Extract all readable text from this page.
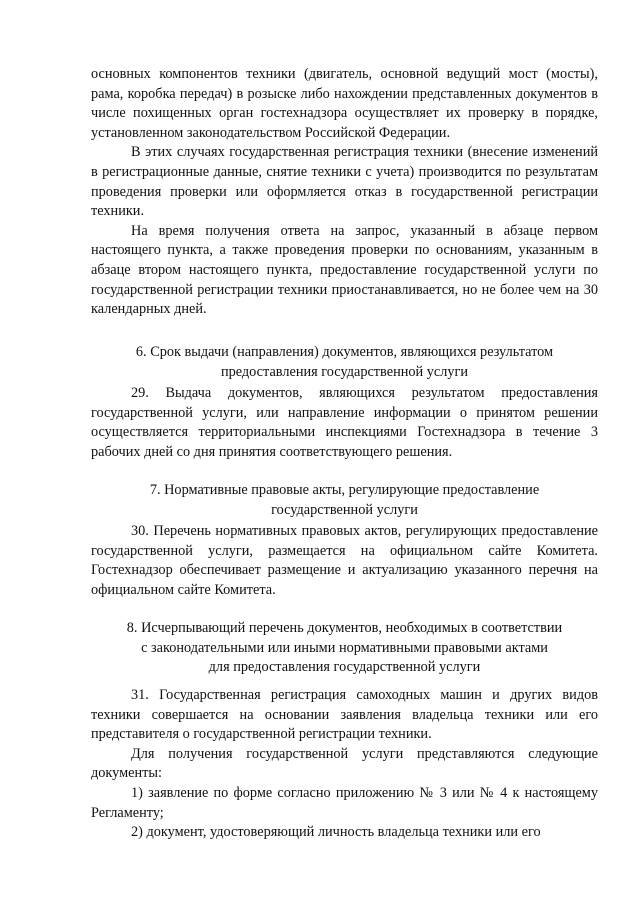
основных компонентов техники (двигатель, основной ведущий мост (мосты), рама, коробка передач) в розыске либо нахождении представленных документов в числе похищенных орган гостехнадзора осуществляет их проверку в порядке, установленном законодательством Российской Федерации.

В этих случаях государственная регистрация техники (внесение изменений в регистрационные данные, снятие техники с учета) производится по результатам проведения проверки или оформляется отказ в государственной регистрации техники.

На время получения ответа на запрос, указанный в абзаце первом настоящего пункта, а также проведения проверки по основаниям, указанным в абзаце втором настоящего пункта, предоставление государственной услуги по государственной регистрации техники приостанавливается, но не более чем на 30 календарных дней.

6. Срок выдачи (направления) документов, являющихся результатом

предоставления государственной услуги

29. Выдача документов, являющихся результатом предоставления государственной услуги, или направление информации о принятом решении осуществляется территориальными инспекциями Гостехнадзора в течение 3 рабочих дней со дня принятия соответствующего решения.

7. Нормативные правовые акты, регулирующие предоставление

государственной услуги

30. Перечень нормативных правовых актов, регулирующих предоставление государственной услуги, размещается на официальном сайте Комитета. Гостехнадзор обеспечивает размещение и актуализацию указанного перечня на официальном сайте Комитета.

8. Исчерпывающий перечень документов, необходимых в соответствии

с законодательными или иными нормативными правовыми актами

для предоставления государственной услуги

31. Государственная регистрация самоходных машин и других видов техники совершается на основании заявления владельца техники или его представителя о государственной регистрации техники.

Для получения государственной услуги представляются следующие документы:

1) заявление по форме согласно приложению № 3 или № 4 к настоящему Регламенту;

2) документ, удостоверяющий личность владельца техники или его
